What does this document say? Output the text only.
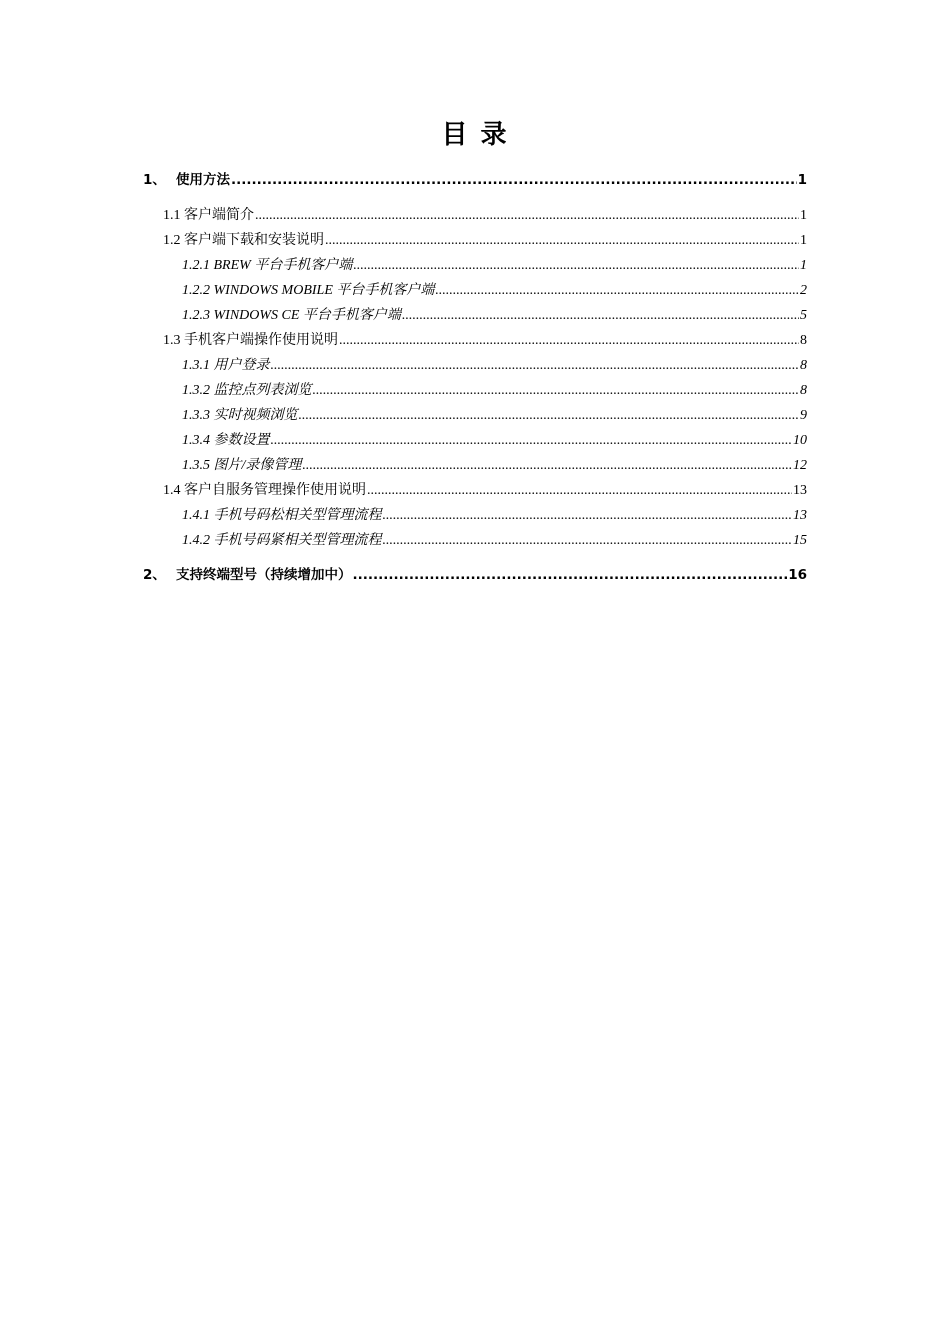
目 录
1、 使用方法 .....	1
1.1 客户端简介 .....	1
1.2 客户端下载和安装说明 .....	1
1.2.1 BREW 平台手机客户端 .....	1
1.2.2 WINDOWS MOBILE 平台手机客户端 .....	2
1.2.3 WINDOWS CE 平台手机客户端 .....	5
1.3 手机客户端操作使用说明 .....	8
1.3.1 用户登录 .....	8
1.3.2 监控点列表浏览 .....	8
1.3.3 实时视频浏览 .....	9
1.3.4 参数设置 .....	10
1.3.5 图片/录像管理 .....	12
1.4 客户自服务管理操作使用说明 .....	13
1.4.1 手机号码松相关型管理流程 .....	13
1.4.2 手机号码紧相关型管理流程 .....	15
2、 支持终端型号（持续增加中） .....	16
